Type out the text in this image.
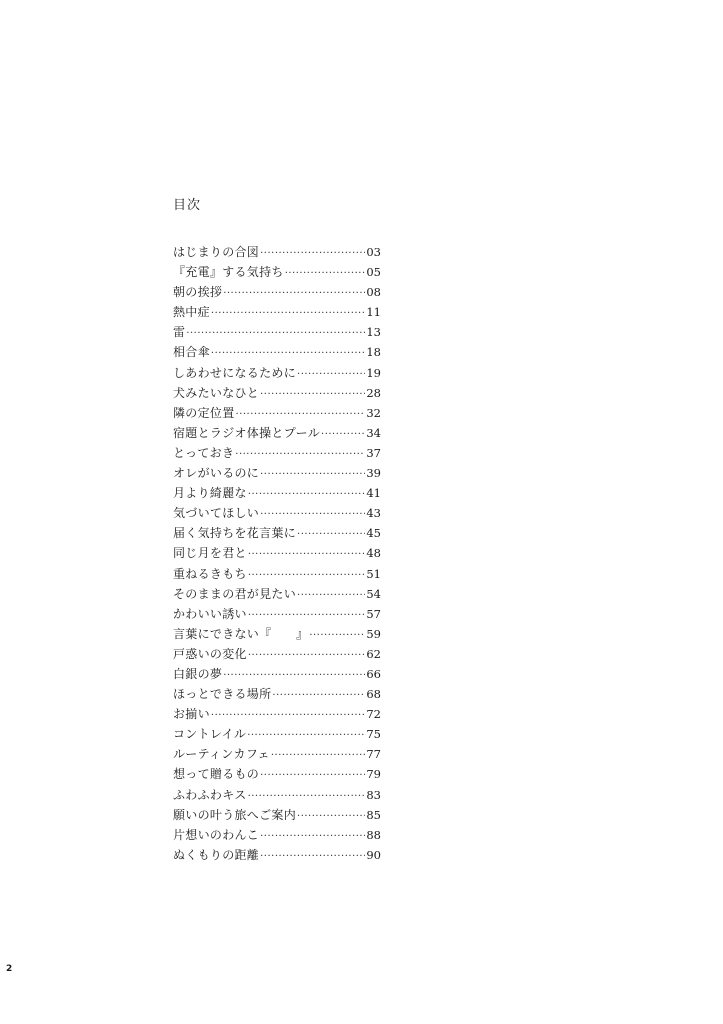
目次
はじまりの合図 ·····	03
『充電』する気持ち ·····	05
朝の挨拶 ·····	08
熱中症 ·····	11
雷 ·····	13
相合傘 ·····	18
しあわせになるために ·····	19
犬みたいなひと ·····	28
隣の定位置 ·····	32
宿題とラジオ体操とプール ·····	34
とっておき ·····	37
オレがいるのに ·····	39
月より綺麗な ·····	41
気づいてほしい ·····	43
届く気持ちを花言葉に ·····	45
同じ月を君と ·····	48
重ねるきもち ·····	51
そのままの君が見たい ·····	54
かわいい誘い ·····	57
言葉にできない『　　』 ·····	59
戸惑いの変化 ·····	62
白銀の夢 ·····	66
ほっとできる場所 ·····	68
お揃い ·····	72
コントレイル ·····	75
ルーティンカフェ ·····	77
想って贈るもの ·····	79
ふわふわキス ·····	83
願いの叶う旅へご案内 ·····	85
片想いのわんこ ·····	88
ぬくもりの距離 ·····	90
2
